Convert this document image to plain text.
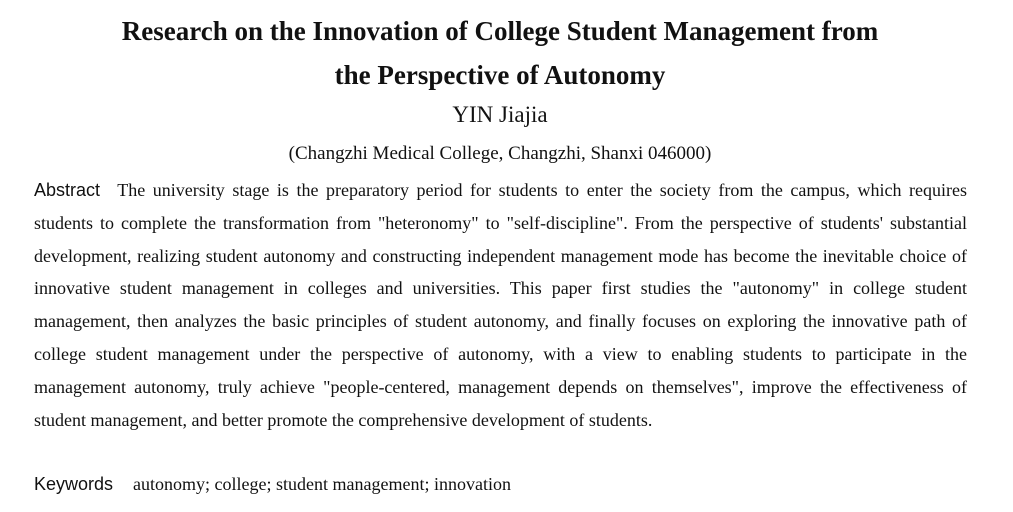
Research on the Innovation of College Student Management from
the Perspective of Autonomy

YIN Jiajia

(Changzhi Medical College, Changzhi, Shanxi 046000)

Abstract The university stage is the preparatory period for students to enter the society from the campus, which requires students to complete the transformation from "heteronomy" to "self-discipline". From the perspective of students' substantial development, realizing student autonomy and constructing independent management mode has become the inevitable choice of innovative student management in colleges and universities. This paper first studies the "autonomy" in college student management, then analyzes the basic principles of student autonomy, and finally focuses on exploring the innovative path of college student management under the perspective of autonomy, with a view to enabling students to participate in the management autonomy, truly achieve "people-centered, management depends on themselves", improve the effectiveness of student management, and better promote the comprehensive development of students.

Keywords autonomy; college; student management; innovation
